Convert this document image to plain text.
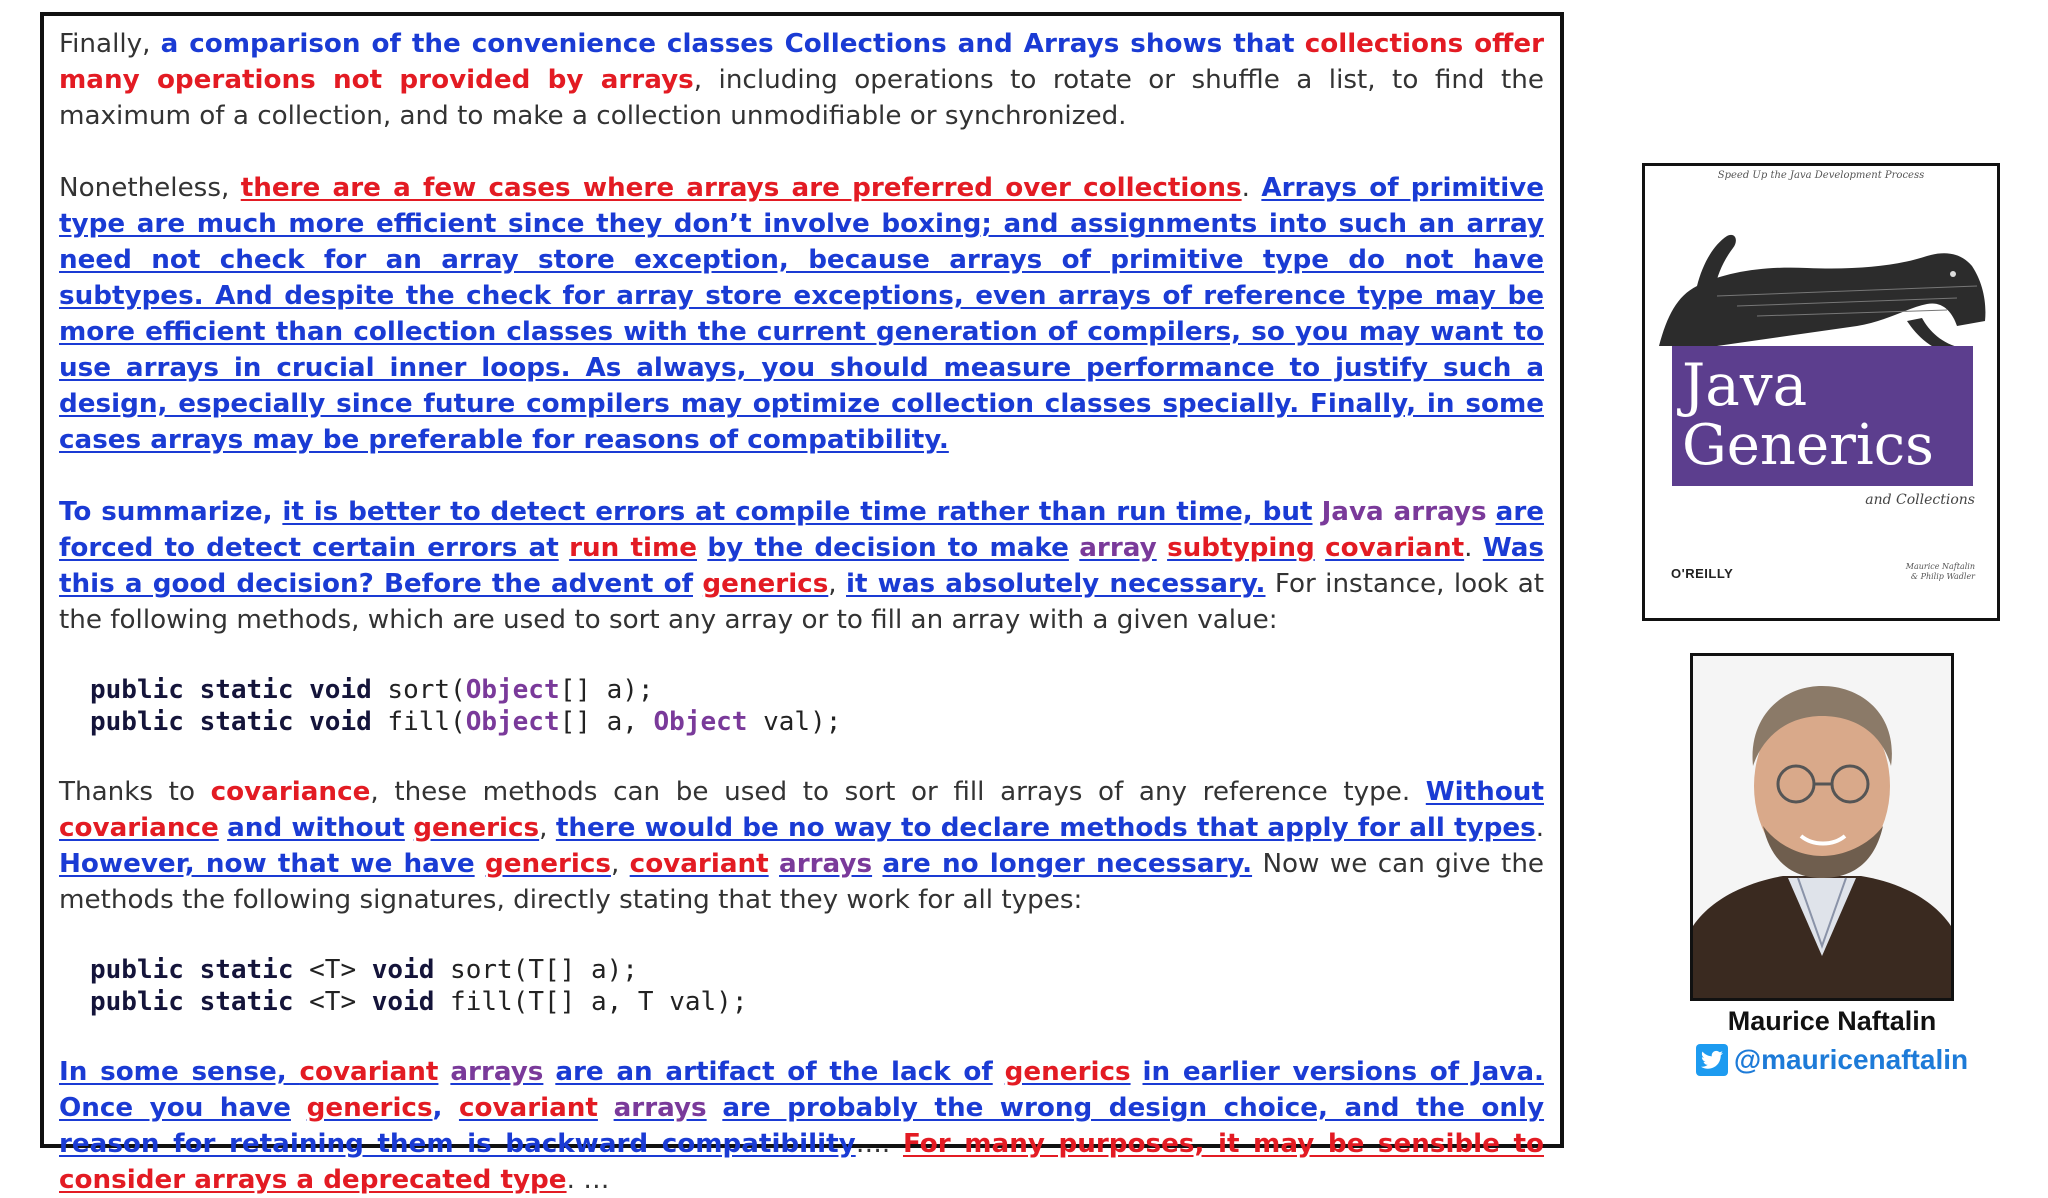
Finally, a comparison of the convenience classes Collections and Arrays shows that collections offer many operations not provided by arrays, including operations to rotate or shuffle a list, to find the maximum of a collection, and to make a collection unmodifiable or synchronized.

Nonetheless, there are a few cases where arrays are preferred over collections. Arrays of primitive type are much more efficient since they don’t involve boxing; and assignments into such an array need not check for an array store exception, because arrays of primitive type do not have subtypes. And despite the check for array store exceptions, even arrays of reference type may be more efficient than collection classes with the current generation of compilers, so you may want to use arrays in crucial inner loops. As always, you should measure performance to justify such a design, especially since future compilers may optimize collection classes specially. Finally, in some cases arrays may be preferable for reasons of compatibility.

To summarize, it is better to detect errors at compile time rather than run time, but Java arrays are forced to detect certain errors at run time by the decision to make array subtyping covariant. Was this a good decision? Before the advent of generics, it was absolutely necessary. For instance, look at the following methods, which are used to sort any array or to fill an array with a given value:

public static void sort(Object[] a);
public static void fill(Object[] a, Object val);

Thanks to covariance, these methods can be used to sort or fill arrays of any reference type. Without covariance and without generics, there would be no way to declare methods that apply for all types. However, now that we have generics, covariant arrays are no longer necessary. Now we can give the methods the following signatures, directly stating that they work for all types:

public static <T> void sort(T[] a);
public static <T> void fill(T[] a, T val);

In some sense, covariant arrays are an artifact of the lack of generics in earlier versions of Java. Once you have generics, covariant arrays are probably the wrong design choice, and the only reason for retaining them is backward compatibility…. For many purposes, it may be sensible to consider arrays a deprecated type. …

Speed Up the Java Development Process
Java
Generics
and Collections
O'REILLY	Maurice Naftalin
& Philip Wadler
Maurice Naftalin
@mauricenaftalin
